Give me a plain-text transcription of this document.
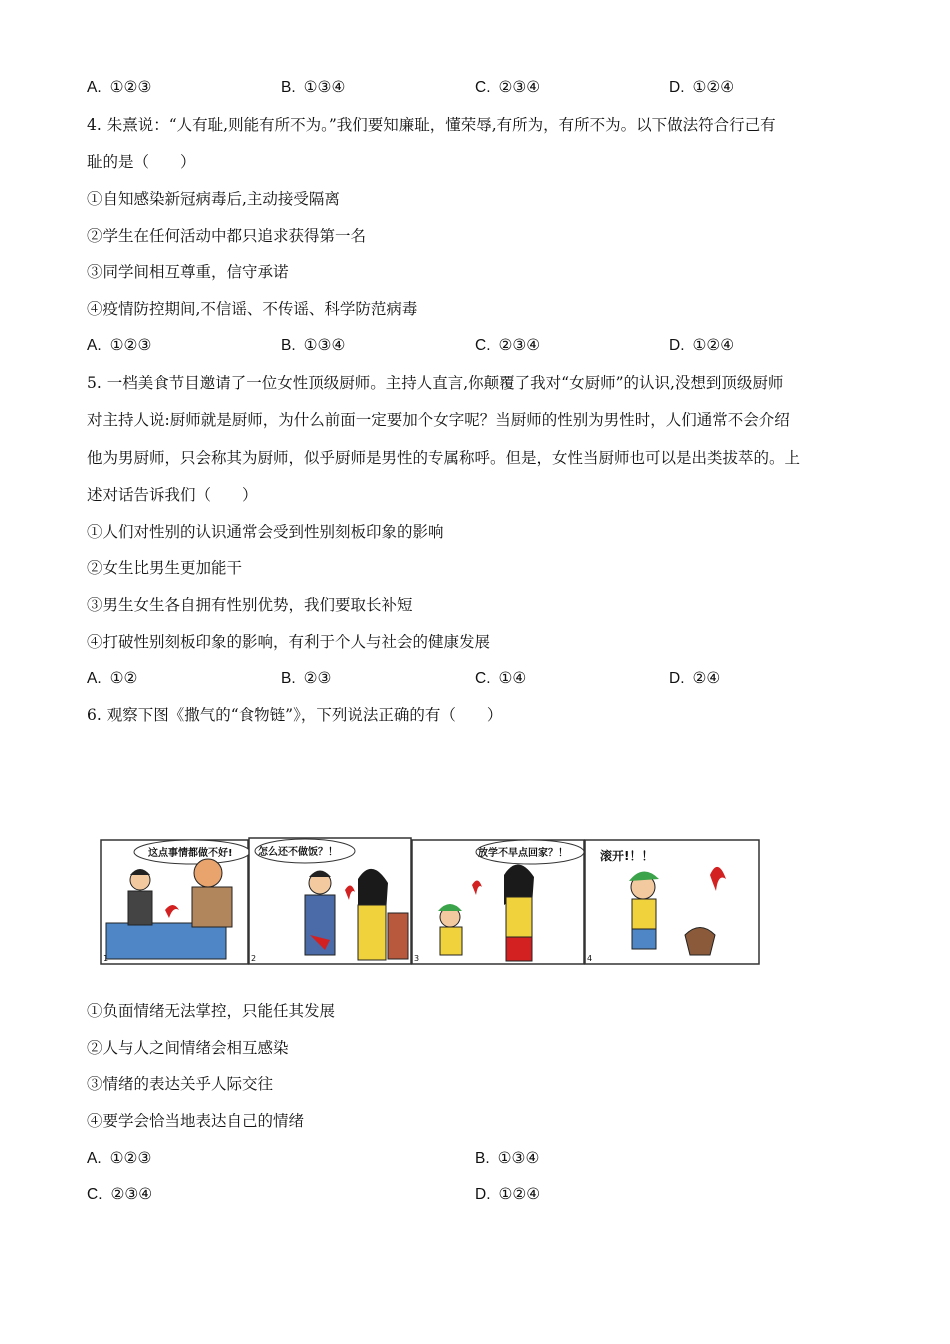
A. ①②③	B. ①③④	C. ②③④	D. ①②④
4. 朱熹说：“人有耻,则能有所不为。”我们要知廉耻，懂荣辱,有所为，有所不为。以下做法符合行己有
耻的是（　　）
①自知感染新冠病毒后,主动接受隔离
②学生在任何活动中都只追求获得第一名
③同学间相互尊重，信守承诺
④疫情防控期间,不信谣、不传谣、科学防范病毒
A. ①②③	B. ①③④	C. ②③④	D. ①②④
5. 一档美食节目邀请了一位女性顶级厨师。主持人直言,你颠覆了我对“女厨师”的认识,没想到顶级厨师
对主持人说:厨师就是厨师，为什么前面一定要加个女字呢？当厨师的性别为男性时，人们通常不会介绍
他为男厨师，只会称其为厨师，似乎厨师是男性的专属称呼。但是，女性当厨师也可以是出类拔萃的。上
述对话告诉我们（　　）
①人们对性别的认识通常会受到性别刻板印象的影响
②女生比男生更加能干
③男生女生各自拥有性别优势，我们要取长补短
④打破性别刻板印象的影响，有利于个人与社会的健康发展
A. ①②	B. ②③	C. ①④	D. ②④
6. 观察下图《撒气的“食物链”》，下列说法正确的有（　　）
这点事情都做不好!
1
怎么还不做饭？！
2
放学不早点回家？！
3
滚开!！！
4
①负面情绪无法掌控，只能任其发展
②人与人之间情绪会相互感染
③情绪的表达关乎人际交往
④要学会恰当地表达自己的情绪
A. ①②③	B. ①③④
C. ②③④	D. ①②④
